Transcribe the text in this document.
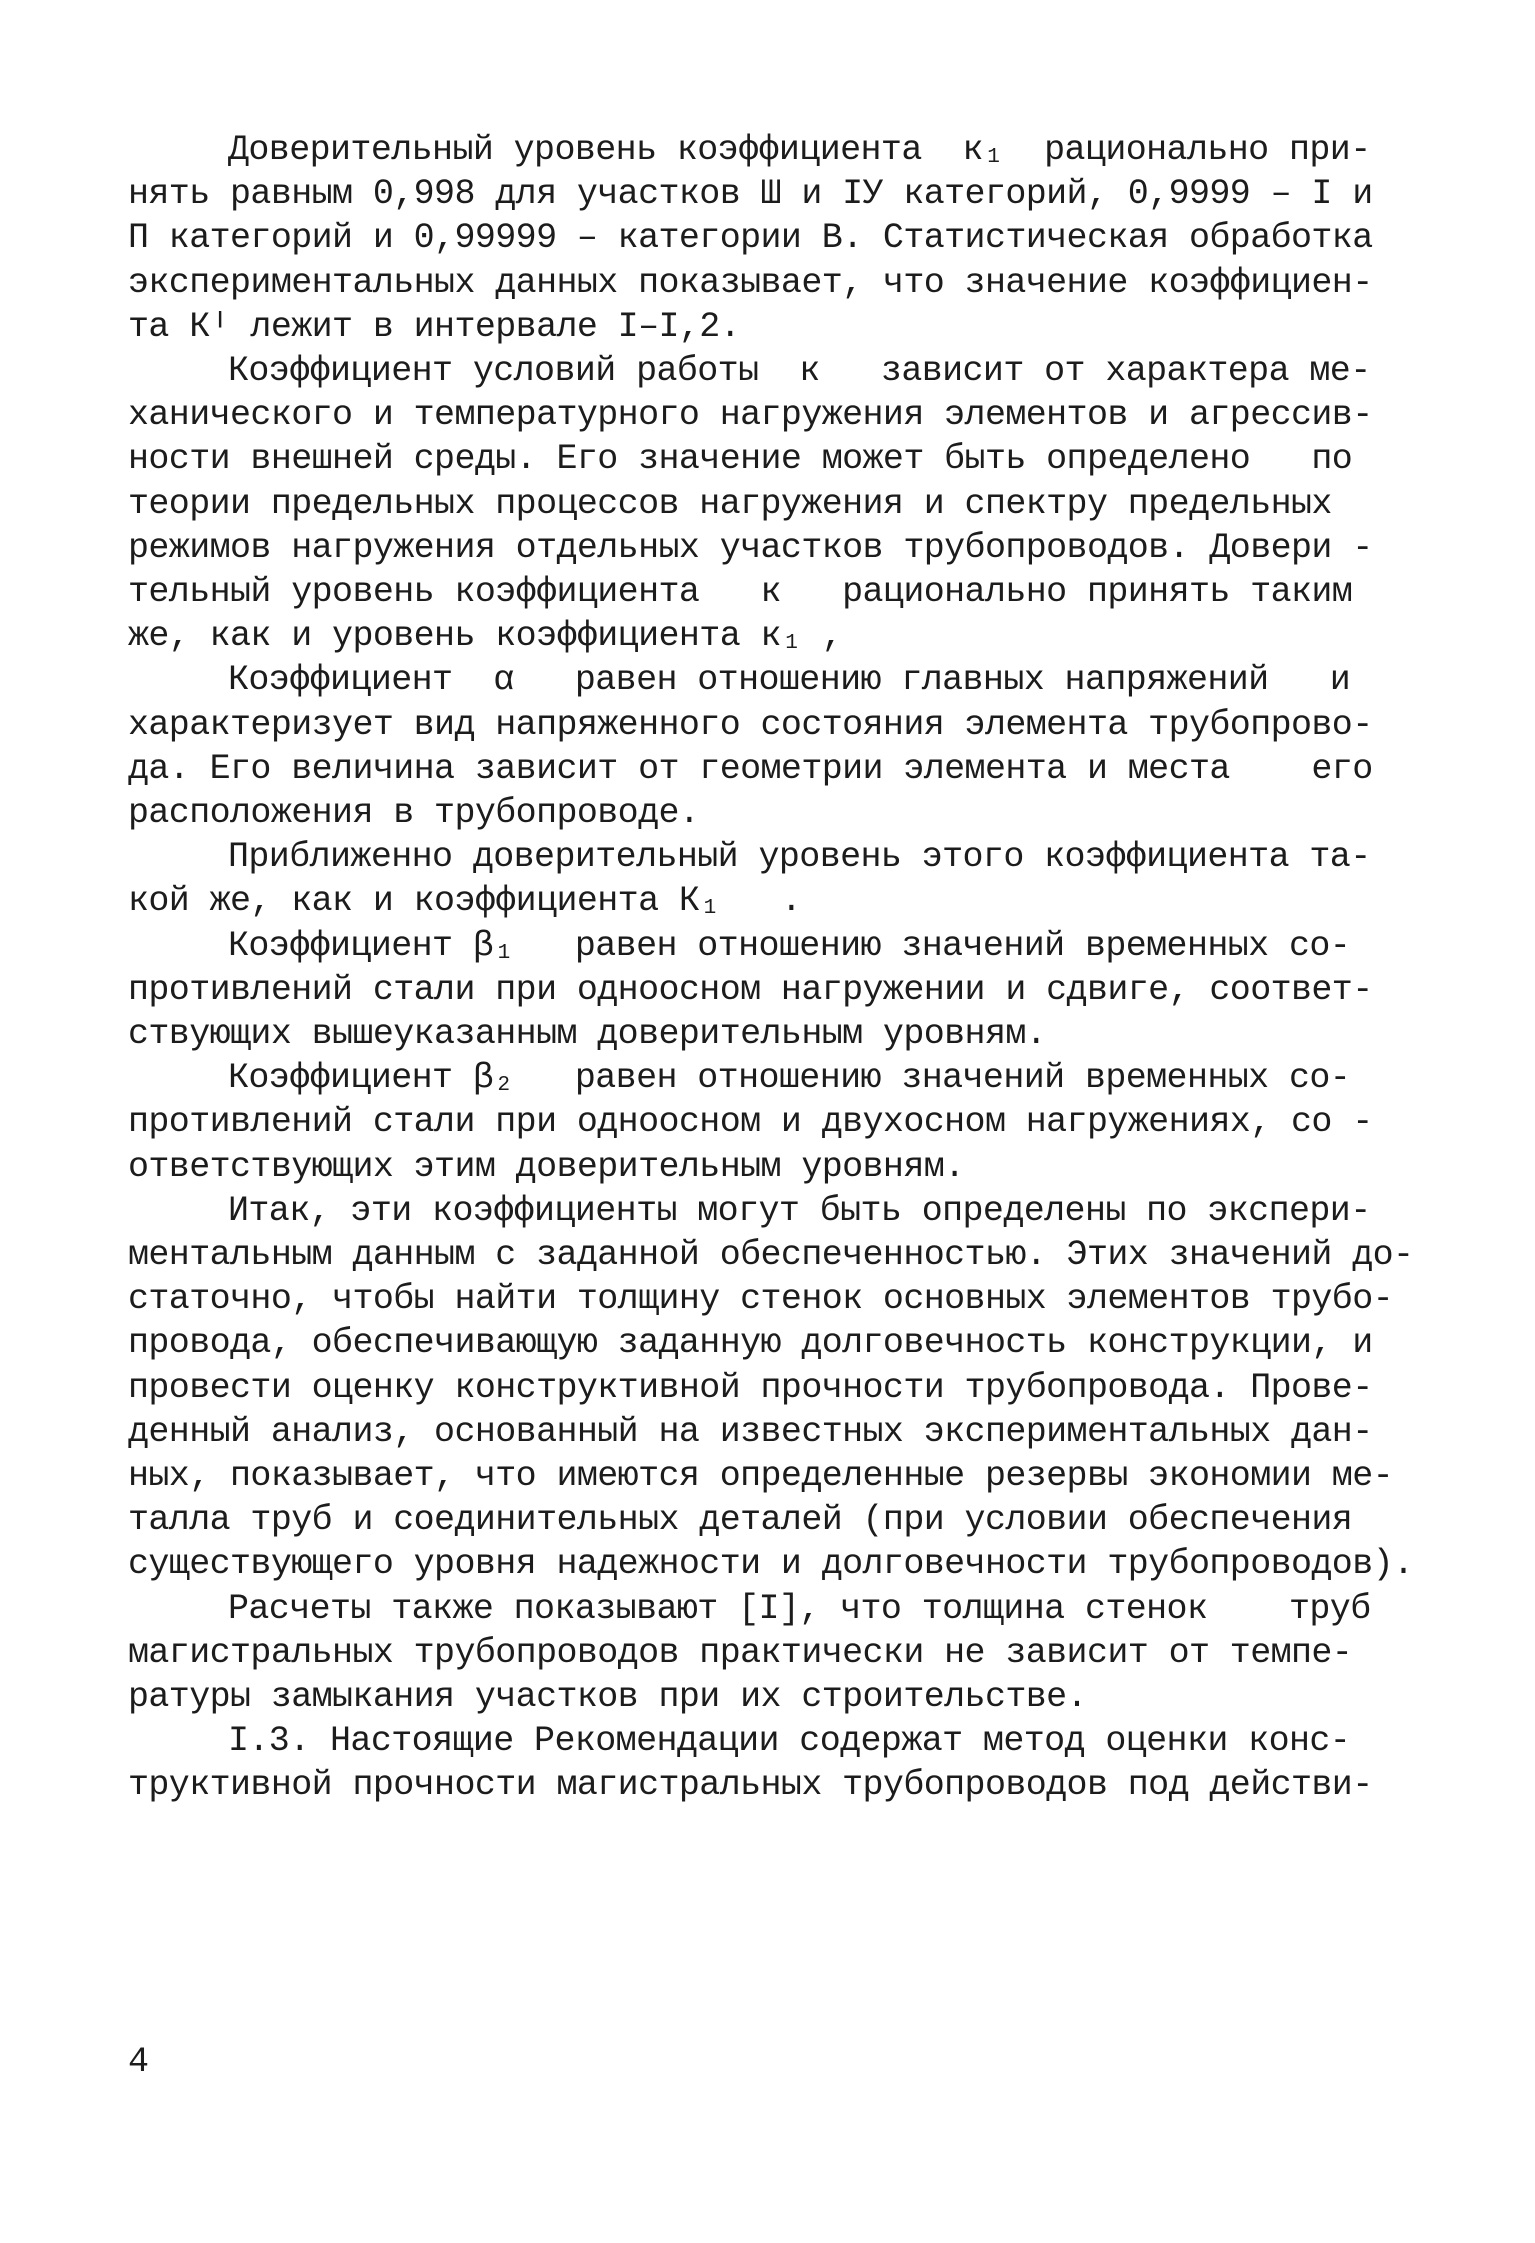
Доверительный уровень коэффициента  к₁  рационально при-
нять равным 0,998 для участков Ш и IУ категорий, 0,9999 – I и
П категорий и 0,99999 – категории В. Статистическая обработка
экспериментальных данных показывает, что значение коэффициен-
та Кᴵ лежит в интервале I–I,2.
Коэффициент условий работы  к   зависит от характера ме-
ханического и температурного нагружения элементов и агрессив-
ности внешней среды. Его значение может быть определено   по
теории предельных процессов нагружения и спектру предельных
режимов нагружения отдельных участков трубопроводов. Довери -
тельный уровень коэффициента   к   рационально принять таким
же, как и уровень коэффициента к₁ ,
Коэффициент  α   равен отношению главных напряжений   и
характеризует вид напряженного состояния элемента трубопрово-
да. Его величина зависит от геометрии элемента и места    его
расположения в трубопроводе.
Приближенно доверительный уровень этого коэффициента та-
кой же, как и коэффициента К₁   .
Коэффициент β₁   равен отношению значений временных со-
противлений стали при одноосном нагружении и сдвиге, соответ-
ствующих вышеуказанным доверительным уровням.
Коэффициент β₂   равен отношению значений временных со-
противлений стали при одноосном и двухосном нагружениях, со -
ответствующих этим доверительным уровням.
Итак, эти коэффициенты могут быть определены по экспери-
ментальным данным с заданной обеспеченностью. Этих значений до-
статочно, чтобы найти толщину стенок основных элементов трубо-
провода, обеспечивающую заданную долговечность конструкции, и
провести оценку конструктивной прочности трубопровода. Прове-
денный анализ, основанный на известных экспериментальных дан-
ных, показывает, что имеются определенные резервы экономии ме-
талла труб и соединительных деталей (при условии обеспечения
существующего уровня надежности и долговечности трубопроводов).
Расчеты также показывают [I], что толщина стенок    труб
магистральных трубопроводов практически не зависит от темпе-
ратуры замыкания участков при их строительстве.
I.3. Настоящие Рекомендации содержат метод оценки конс-
труктивной прочности магистральных трубопроводов под действи-
4
